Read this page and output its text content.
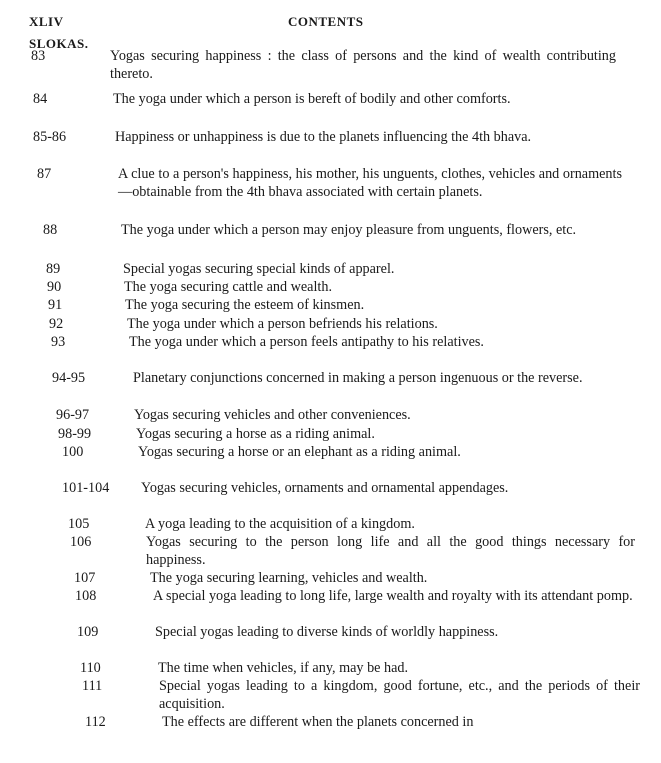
XLIV	CONTENTS
SLOKAS.
83	Yogas securing happiness : the class of persons and the kind of wealth contributing thereto.
84	The yoga under which a person is bereft of bodily and other comforts.
85-86	Happiness or unhappiness is due to the planets influencing the 4th bhava.
87	A clue to a person's happiness, his mother, his unguents, clothes, vehicles and ornaments—obtainable from the 4th bhava associated with certain planets.
88	The yoga under which a person may enjoy pleasure from unguents, flowers, etc.
89	Special yogas securing special kinds of apparel.
90	The yoga securing cattle and wealth.
91	The yoga securing the esteem of kinsmen.
92	The yoga under which a person befriends his relations.
93	The yoga under which a person feels antipathy to his relatives.
94-95	Planetary conjunctions concerned in making a person ingenuous or the reverse.
96-97	Yogas securing vehicles and other conveniences.
98-99	Yogas securing a horse as a riding animal.
100	Yogas securing a horse or an elephant as a riding animal.
101-104 Yogas securing vehicles, ornaments and ornamental appendages.
105	A yoga leading to the acquisition of a kingdom.
106	Yogas securing to the person long life and all the good things necessary for happiness.
107	The yoga securing learning, vehicles and wealth.
108	A special yoga leading to long life, large wealth and royalty with its attendant pomp.
109	Special yogas leading to diverse kinds of worldly happiness.
110	The time when vehicles, if any, may be had.
111	Special yogas leading to a kingdom, good fortune, etc., and the periods of their acquisition.
112	The effects are different when the planets concerned in
